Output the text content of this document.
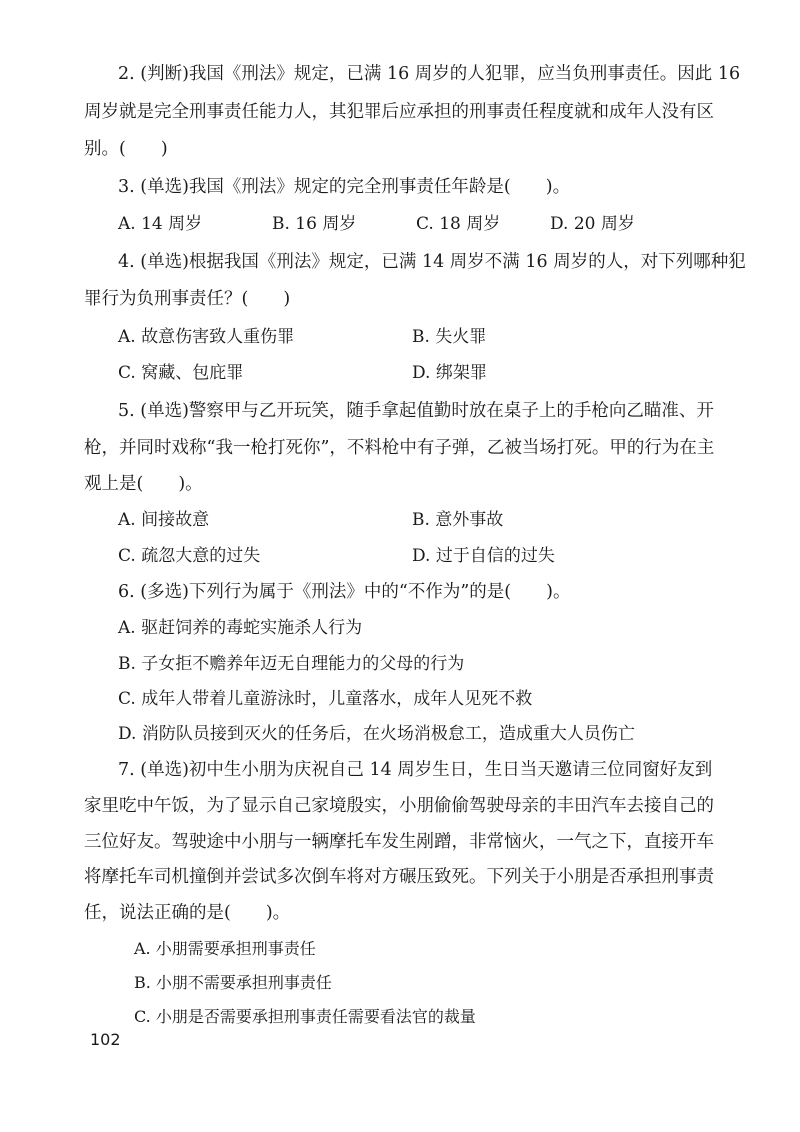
2. (判断)我国《刑法》规定，已满 16 周岁的人犯罪，应当负刑事责任。因此 16
周岁就是完全刑事责任能力人，其犯罪后应承担的刑事责任程度就和成年人没有区
别。(　　)
3. (单选)我国《刑法》规定的完全刑事责任年龄是(　　)。
A. 14 周岁	B. 16 周岁	C. 18 周岁	D. 20 周岁
4. (单选)根据我国《刑法》规定，已满 14 周岁不满 16 周岁的人，对下列哪种犯
罪行为负刑事责任？(　　)
A. 故意伤害致人重伤罪	B. 失火罪
C. 窝藏、包庇罪	D. 绑架罪
5. (单选)警察甲与乙开玩笑，随手拿起值勤时放在桌子上的手枪向乙瞄准、开
枪，并同时戏称“我一枪打死你”，不料枪中有子弹，乙被当场打死。甲的行为在主
观上是(　　)。
A. 间接故意	B. 意外事故
C. 疏忽大意的过失	D. 过于自信的过失
6. (多选)下列行为属于《刑法》中的“不作为”的是(　　)。
A. 驱赶饲养的毒蛇实施杀人行为
B. 子女拒不赡养年迈无自理能力的父母的行为
C. 成年人带着儿童游泳时，儿童落水，成年人见死不救
D. 消防队员接到灭火的任务后，在火场消极怠工，造成重大人员伤亡
7. (单选)初中生小朋为庆祝自己 14 周岁生日，生日当天邀请三位同窗好友到
家里吃中午饭，为了显示自己家境殷实，小朋偷偷驾驶母亲的丰田汽车去接自己的
三位好友。驾驶途中小朋与一辆摩托车发生剐蹭，非常恼火，一气之下，直接开车
将摩托车司机撞倒并尝试多次倒车将对方碾压致死。下列关于小朋是否承担刑事责
任，说法正确的是(　　)。
A. 小朋需要承担刑事责任
B. 小朋不需要承担刑事责任
C. 小朋是否需要承担刑事责任需要看法官的裁量
102
